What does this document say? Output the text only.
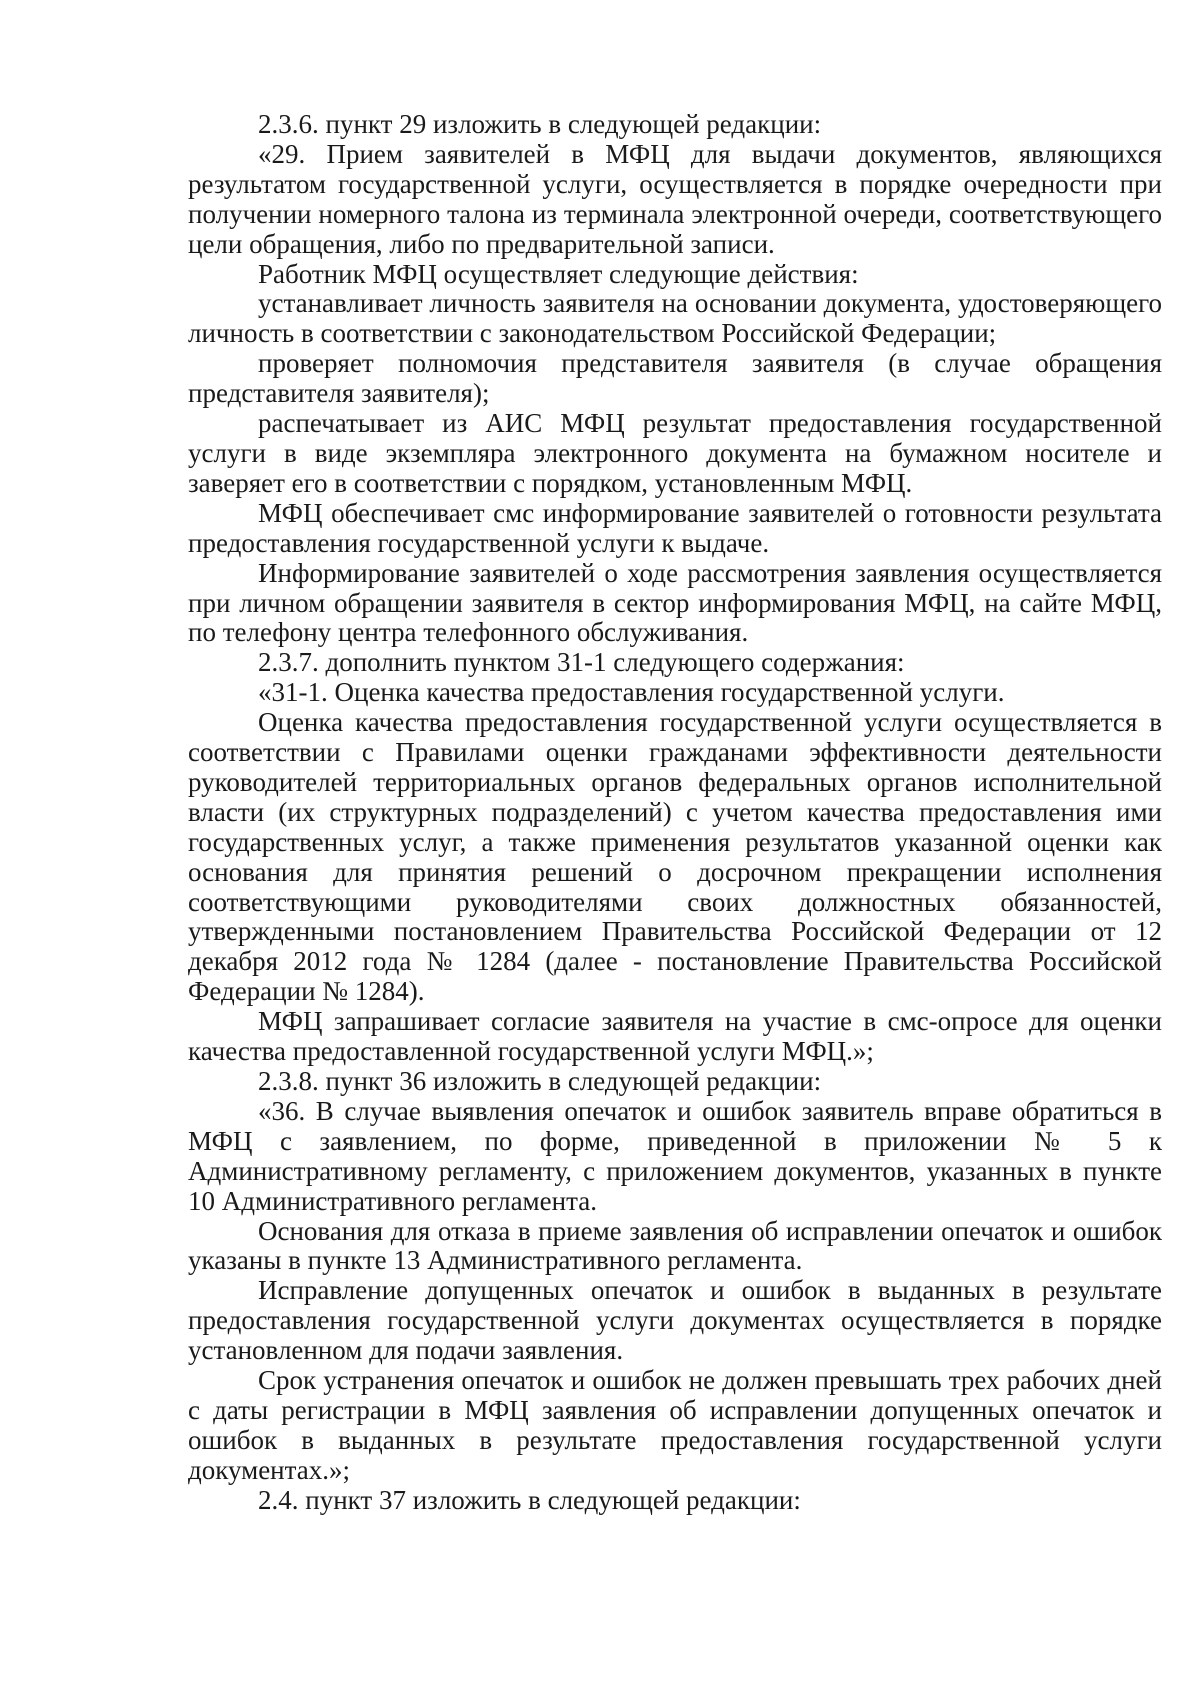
2.3.6. пункт 29 изложить в следующей редакции:

«29. Прием заявителей в МФЦ для выдачи документов, являющихся результатом государственной услуги, осуществляется в порядке очередности при получении номерного талона из терминала электронной очереди, соответствующего цели обращения, либо по предварительной записи.

Работник МФЦ осуществляет следующие действия:

устанавливает личность заявителя на основании документа, удостоверяющего личность в соответствии с законодательством Российской Федерации;

проверяет полномочия представителя заявителя (в случае обращения представителя заявителя);

распечатывает из АИС МФЦ результат предоставления государственной услуги в виде экземпляра электронного документа на бумажном носителе и заверяет его в соответствии с порядком, установленным МФЦ.

МФЦ обеспечивает смс информирование заявителей о готовности результата предоставления государственной услуги к выдаче.

Информирование заявителей о ходе рассмотрения заявления осуществляется при личном обращении заявителя в сектор информирования МФЦ, на сайте МФЦ, по телефону центра телефонного обслуживания.

2.3.7. дополнить пунктом 31-1 следующего содержания:

«31-1. Оценка качества предоставления государственной услуги.

Оценка качества предоставления государственной услуги осуществляется в соответствии с Правилами оценки гражданами эффективности деятельности руководителей территориальных органов федеральных органов исполнительной власти (их структурных подразделений) с учетом качества предоставления ими государственных услуг, а также применения результатов указанной оценки как основания для принятия решений о досрочном прекращении исполнения соответствующими руководителями своих должностных обязанностей, утвержденными постановлением Правительства Российской Федерации от 12 декабря 2012 года № 1284 (далее - постановление Правительства Российской Федерации № 1284).

МФЦ запрашивает согласие заявителя на участие в смс-опросе для оценки качества предоставленной государственной услуги МФЦ.»;

2.3.8. пункт 36 изложить в следующей редакции:

«36. В случае выявления опечаток и ошибок заявитель вправе обратиться в МФЦ с заявлением, по форме, приведенной в приложении № 5 к Административному регламенту, с приложением документов, указанных в пункте 10 Административного регламента.

Основания для отказа в приеме заявления об исправлении опечаток и ошибок указаны в пункте 13 Административного регламента.

Исправление допущенных опечаток и ошибок в выданных в результате предоставления государственной услуги документах осуществляется в порядке установленном для подачи заявления.

Срок устранения опечаток и ошибок не должен превышать трех рабочих дней с даты регистрации в МФЦ заявления об исправлении допущенных опечаток и ошибок в выданных в результате предоставления государственной услуги документах.»;

2.4. пункт 37 изложить в следующей редакции:
